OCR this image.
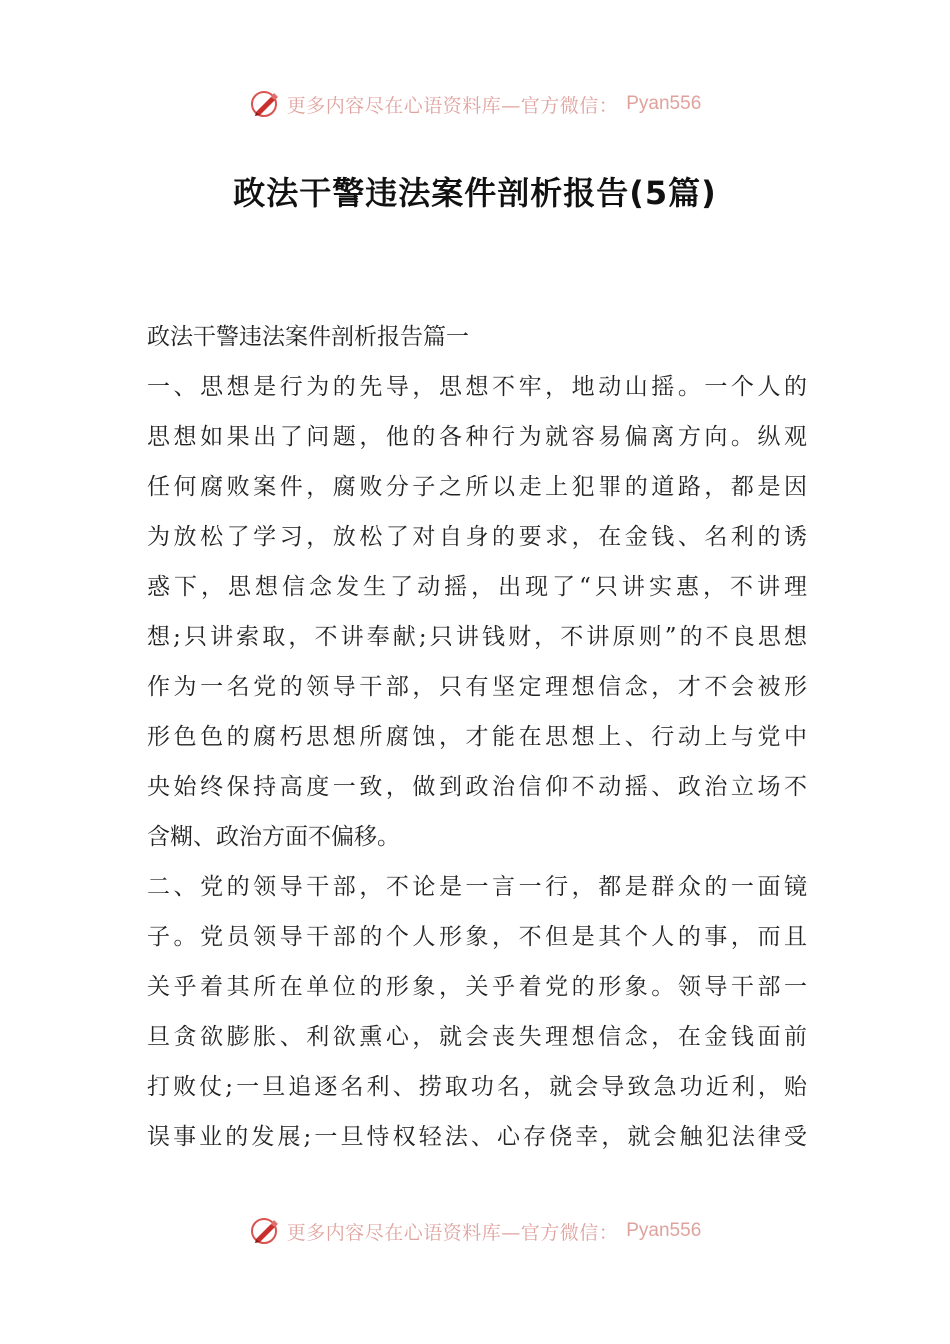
更多内容尽在心语资料库—官方微信： Pyan556
政法干警违法案件剖析报告(5篇)
政法干警违法案件剖析报告篇一
一、思想是行为的先导，思想不牢，地动山摇。一个人的
思想如果出了问题，他的各种行为就容易偏离方向。纵观
任何腐败案件，腐败分子之所以走上犯罪的道路，都是因
为放松了学习，放松了对自身的要求，在金钱、名利的诱
惑下，思想信念发生了动摇，出现了“只讲实惠，不讲理
想;只讲索取，不讲奉献;只讲钱财，不讲原则”的不良思想
作为一名党的领导干部，只有坚定理想信念，才不会被形
形色色的腐朽思想所腐蚀，才能在思想上、行动上与党中
央始终保持高度一致，做到政治信仰不动摇、政治立场不
含糊、政治方面不偏移。
二、党的领导干部，不论是一言一行，都是群众的一面镜
子。党员领导干部的个人形象，不但是其个人的事，而且
关乎着其所在单位的形象，关乎着党的形象。领导干部一
旦贪欲膨胀、利欲熏心，就会丧失理想信念，在金钱面前
打败仗;一旦追逐名利、捞取功名，就会导致急功近利，贻
误事业的发展;一旦恃权轻法、心存侥幸，就会触犯法律受
更多内容尽在心语资料库—官方微信： Pyan556
